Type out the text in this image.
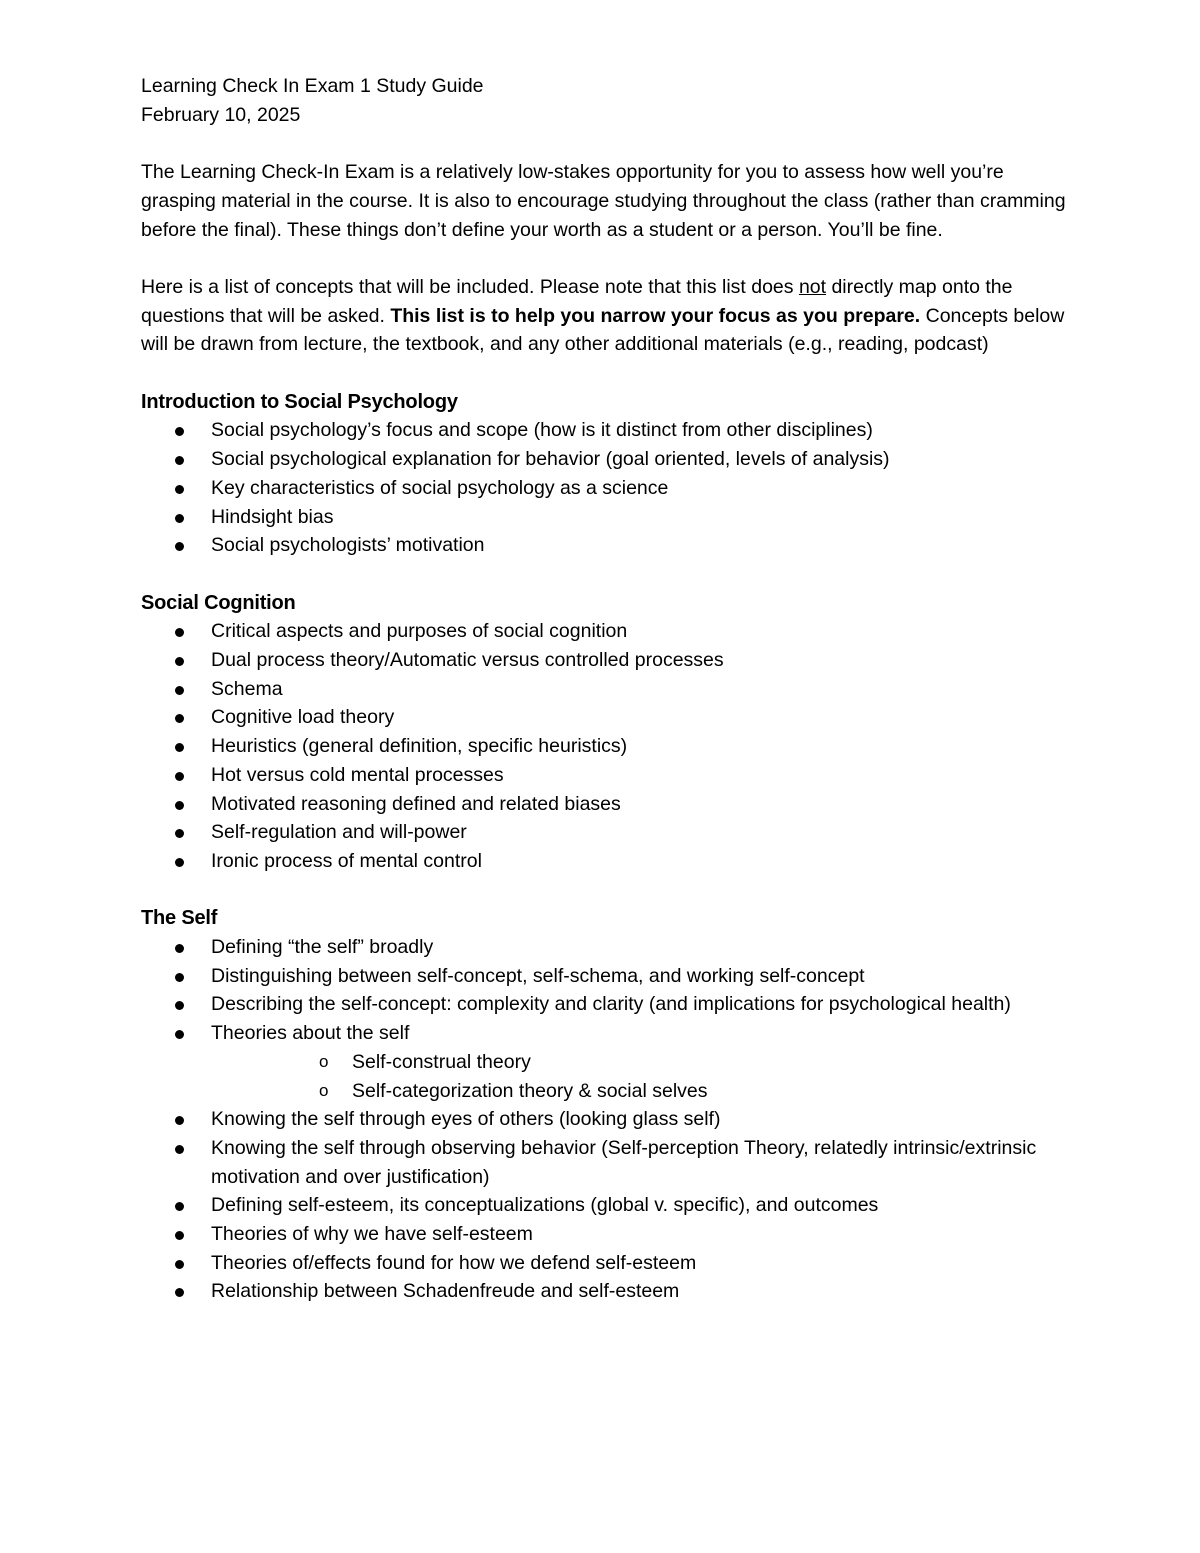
Learning Check In Exam 1 Study Guide

February 10, 2025

The Learning Check-In Exam is a relatively low-stakes opportunity for you to assess how well you’re grasping material in the course. It is also to encourage studying throughout the class (rather than cramming before the final). These things don’t define your worth as a student or a person. You’ll be fine.

Here is a list of concepts that will be included. Please note that this list does not directly map onto the questions that will be asked. This list is to help you narrow your focus as you prepare. Concepts below will be drawn from lecture, the textbook, and any other additional materials (e.g., reading, podcast)

Introduction to Social Psychology

Social psychology’s focus and scope (how is it distinct from other disciplines)
Social psychological explanation for behavior (goal oriented, levels of analysis)
Key characteristics of social psychology as a science
Hindsight bias
Social psychologists’ motivation

Social Cognition

Critical aspects and purposes of social cognition
Dual process theory/Automatic versus controlled processes
Schema
Cognitive load theory
Heuristics (general definition, specific heuristics)
Hot versus cold mental processes
Motivated reasoning defined and related biases
Self-regulation and will-power
Ironic process of mental control

The Self

Defining “the self” broadly
Distinguishing between self-concept, self-schema, and working self-concept
Describing the self-concept: complexity and clarity (and implications for psychological health)
Theories about the self
o Self-construal theory
o Self-categorization theory & social selves
Knowing the self through eyes of others (looking glass self)
Knowing the self through observing behavior (Self-perception Theory, relatedly intrinsic/extrinsic motivation and over justification)
Defining self-esteem, its conceptualizations (global v. specific), and outcomes
Theories of why we have self-esteem
Theories of/effects found for how we defend self-esteem
Relationship between Schadenfreude and self-esteem
